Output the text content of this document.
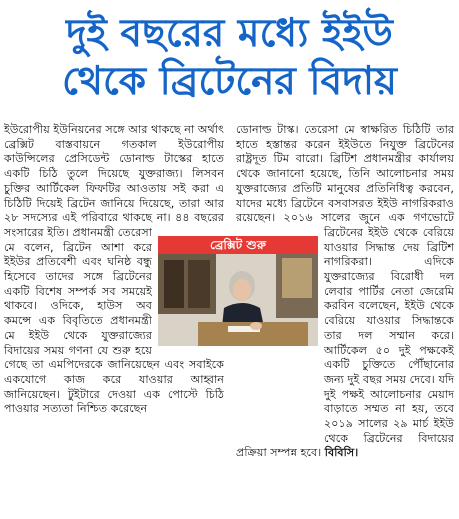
দুই বছরের মধ্যে ইইউ
থেকে ব্রিটেনের বিদায়

ইউরোপীয় ইউনিয়নের সঙ্গে আর থাকছে না অর্থাৎ ব্রেক্সিট বাস্তবায়নে গতকাল ইউরোপীয় কাউন্সিলের প্রেসিডেন্ট ডোনাল্ড টাস্কের হাতে একটি চিঠি তুলে দিয়েছে যুক্তরাজ্য। লিসবন চুক্তির আর্টিকেল ফিফটির আওতায় সই করা এ চিঠিটি দিয়েই ব্রিটেন জানিয়ে দিয়েছে, তারা আর ২৮ সদস্যের এই পরিবারে থাকছে না। ৪৪ বছরের সংসারের ইতি। প্রধানমন্ত্রী তেরেসা মে বলেন, ব্রিটেন আশা করে ইইউর প্রতিবেশী এবং ঘনিষ্ঠ বন্ধু হিসেবে তাদের সঙ্গে ব্রিটেনের একটি বিশেষ সম্পর্ক সব সময়েই থাকবে। ওদিকে, হাউস অব কমন্সে এক বিবৃতিতে প্রধানমন্ত্রী মে ইইউ থেকে যুক্তরাজ্যের বিদায়ের সময় গণনা যে শুরু হয়ে গেছে তা এমপিদেরকে জানিয়েছেন এবং সবাইকে একযোগে কাজ করে যাওয়ার আহ্বান জানিয়েছেন। টুইটারে দেওয়া এক পোস্টে চিঠি পাওয়ার সত্যতা নিশ্চিত করেছেন

ডোনাল্ড টাস্ক। তেরেসা মে স্বাক্ষরিত চিঠিটি তার হাতে হস্তান্তর করেন ইইউতে নিযুক্ত ব্রিটেনের রাষ্ট্রদূত টিম বারো। ব্রিটিশ প্রধানমন্ত্রীর কার্যালয় থেকে জানানো হয়েছে, তিনি আলোচনার সময় যুক্তরাজ্যের প্রতিটি মানুষের প্রতিনিধিত্ব করবেন, যাদের মধ্যে ব্রিটেনে বসবাসরত ইইউ নাগরিকরাও রয়েছেন। ২০১৬ সালের জুনে এক গণভোটে ব্রিটেনের ইইউ থেকে বেরিয়ে যাওয়ার সিদ্ধান্ত দেয় ব্রিটিশ নাগরিকরা। এদিকে যুক্তরাজ্যের বিরোধী দল লেবার পার্টির নেতা জেরেমি করবিন বলেছেন, ইইউ থেকে বেরিয়ে যাওয়ার সিদ্ধান্তকে তার দল সম্মান করে। আর্টিকেল ৫০ দুই পক্ষকেই একটি চুক্তিতে পৌঁছানোর জন্য দুই বছর সময় দেবে। যদি দুই পক্ষই আলোচনার মেয়াদ বাড়াতে সম্মত না হয়, তবে ২০১৯ সালের ২৯ মার্চ ইইউ থেকে ব্রিটেনের বিদায়ের প্রক্রিয়া সম্পন্ন হবে। বিবিসি।

ব্রেক্সিট শুরু
